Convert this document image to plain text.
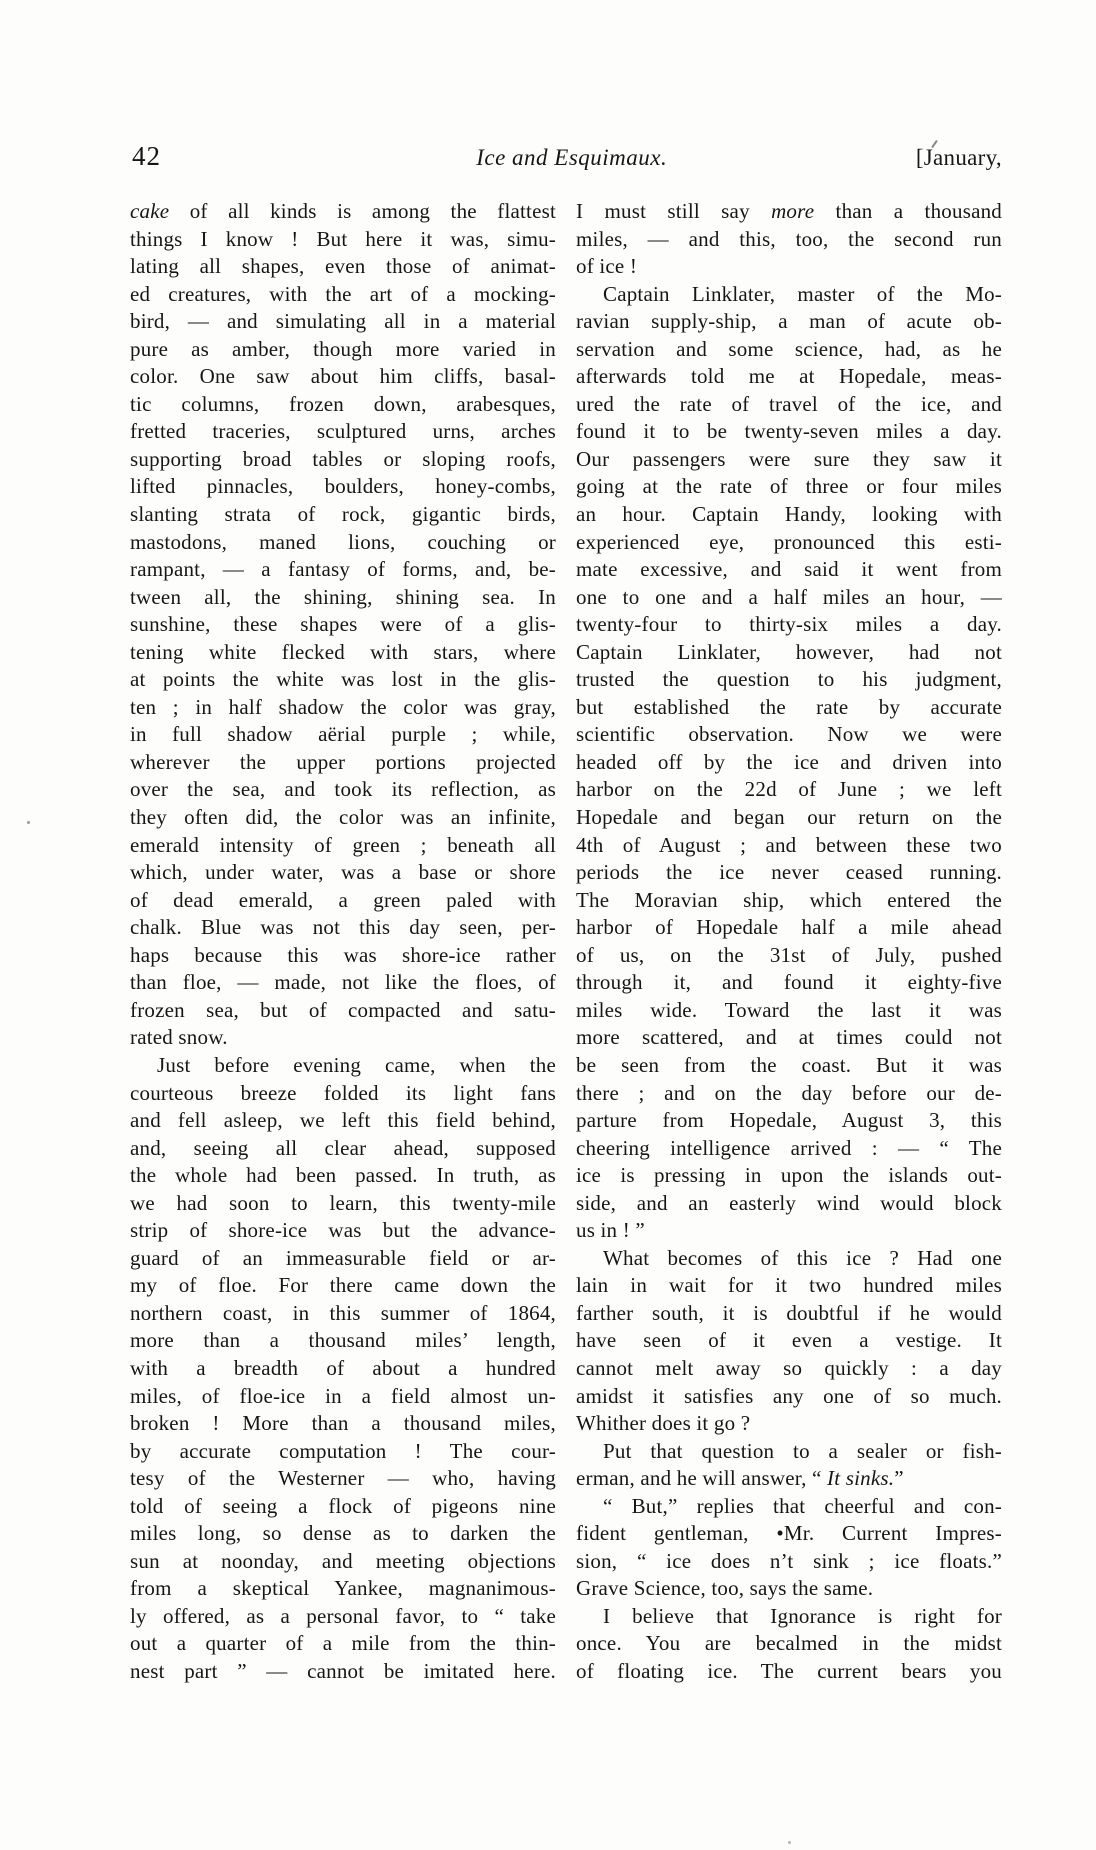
42	Ice and Esquimaux.	[January,
cake of all kinds is among the flattest
things I know ! But here it was, simu-
lating all shapes, even those of animat-
ed creatures, with the art of a mocking-
bird, — and simulating all in a material
pure as amber, though more varied in
color. One saw about him cliffs, basal-
tic columns, frozen down, arabesques,
fretted traceries, sculptured urns, arches
supporting broad tables or sloping roofs,
lifted pinnacles, boulders, honey-combs,
slanting strata of rock, gigantic birds,
mastodons, maned lions, couching or
rampant, — a fantasy of forms, and, be-
tween all, the shining, shining sea. In
sunshine, these shapes were of a glis-
tening white flecked with stars, where
at points the white was lost in the glis-
ten ; in half shadow the color was gray,
in full shadow aërial purple ; while,
wherever the upper portions projected
over the sea, and took its reflection, as
they often did, the color was an infinite,
emerald intensity of green ; beneath all
which, under water, was a base or shore
of dead emerald, a green paled with
chalk. Blue was not this day seen, per-
haps because this was shore-ice rather
than floe, — made, not like the floes, of
frozen sea, but of compacted and satu-
rated snow.
Just before evening came, when the
courteous breeze folded its light fans
and fell asleep, we left this field behind,
and, seeing all clear ahead, supposed
the whole had been passed. In truth, as
we had soon to learn, this twenty-mile
strip of shore-ice was but the advance-
guard of an immeasurable field or ar-
my of floe. For there came down the
northern coast, in this summer of 1864,
more than a thousand miles’ length,
with a breadth of about a hundred
miles, of floe-ice in a field almost un-
broken ! More than a thousand miles,
by accurate computation ! The cour-
tesy of the Westerner — who, having
told of seeing a flock of pigeons nine
miles long, so dense as to darken the
sun at noonday, and meeting objections
from a skeptical Yankee, magnanimous-
ly offered, as a personal favor, to “ take
out a quarter of a mile from the thin-
nest part ” — cannot be imitated here.
I must still say more than a thousand
miles, — and this, too, the second run
of ice !
Captain Linklater, master of the Mo-
ravian supply-ship, a man of acute ob-
servation and some science, had, as he
afterwards told me at Hopedale, meas-
ured the rate of travel of the ice, and
found it to be twenty-seven miles a day.
Our passengers were sure they saw it
going at the rate of three or four miles
an hour. Captain Handy, looking with
experienced eye, pronounced this esti-
mate excessive, and said it went from
one to one and a half miles an hour, —
twenty-four to thirty-six miles a day.
Captain Linklater, however, had not
trusted the question to his judgment,
but established the rate by accurate
scientific observation. Now we were
headed off by the ice and driven into
harbor on the 22d of June ; we left
Hopedale and began our return on the
4th of August ; and between these two
periods the ice never ceased running.
The Moravian ship, which entered the
harbor of Hopedale half a mile ahead
of us, on the 31st of July, pushed
through it, and found it eighty-five
miles wide. Toward the last it was
more scattered, and at times could not
be seen from the coast. But it was
there ; and on the day before our de-
parture from Hopedale, August 3, this
cheering intelligence arrived : — “ The
ice is pressing in upon the islands out-
side, and an easterly wind would block
us in ! ”
What becomes of this ice ? Had one
lain in wait for it two hundred miles
farther south, it is doubtful if he would
have seen of it even a vestige. It
cannot melt away so quickly : a day
amidst it satisfies any one of so much.
Whither does it go ?
Put that question to a sealer or fish-
erman, and he will answer, “ It sinks.”
“ But,” replies that cheerful and con-
fident gentleman, •Mr. Current Impres-
sion, “ ice does n’t sink ; ice floats.”
Grave Science, too, says the same.
I believe that Ignorance is right for
once. You are becalmed in the midst
of floating ice. The current bears you
